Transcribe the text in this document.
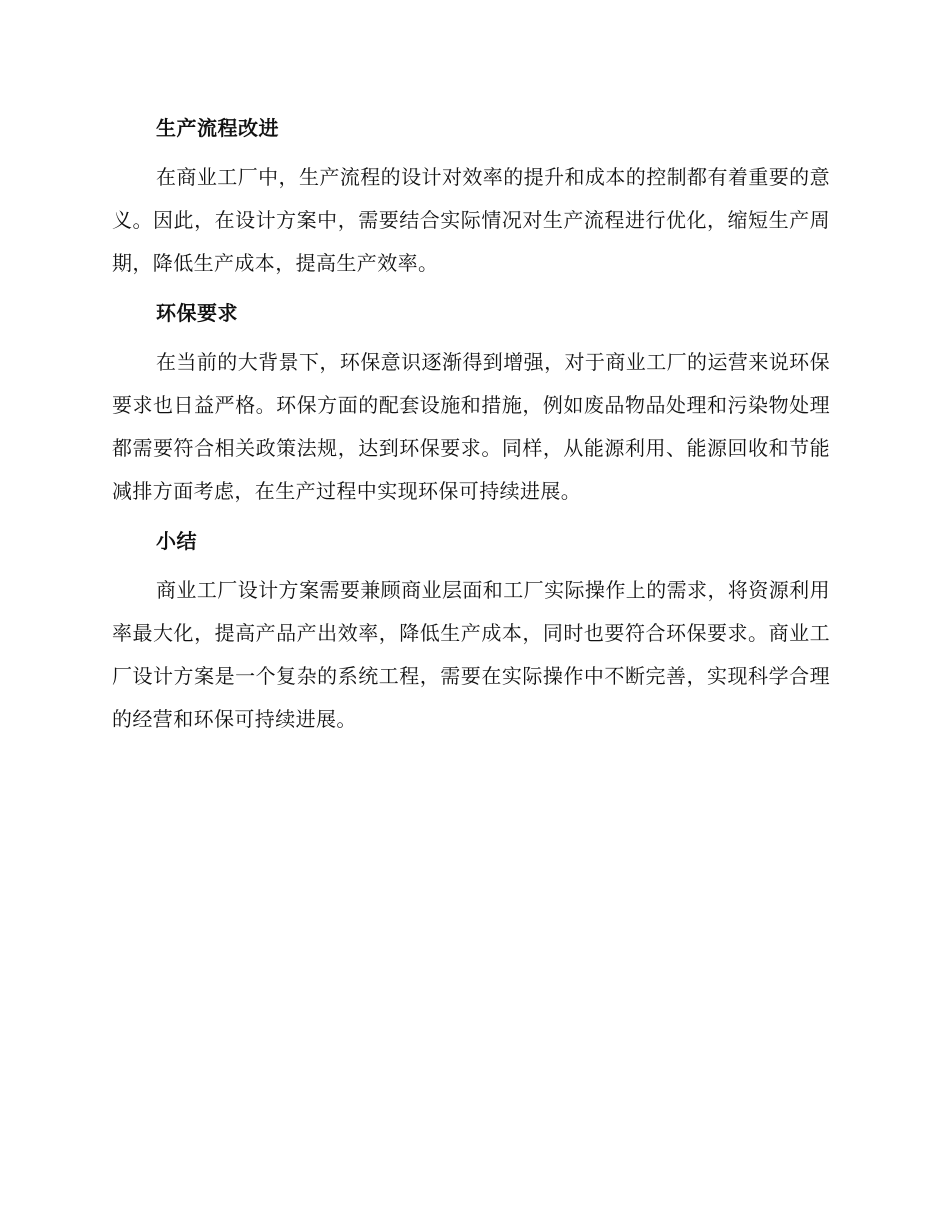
生产流程改进

在商业工厂中，生产流程的设计对效率的提升和成本的控制都有着重要的意义。因此，在设计方案中，需要结合实际情况对生产流程进行优化，缩短生产周期，降低生产成本，提高生产效率。

环保要求

在当前的大背景下，环保意识逐渐得到增强，对于商业工厂的运营来说环保要求也日益严格。环保方面的配套设施和措施，例如废品物品处理和污染物处理都需要符合相关政策法规，达到环保要求。同样，从能源利用、能源回收和节能减排方面考虑，在生产过程中实现环保可持续进展。

小结

商业工厂设计方案需要兼顾商业层面和工厂实际操作上的需求，将资源利用率最大化，提高产品产出效率，降低生产成本，同时也要符合环保要求。商业工厂设计方案是一个复杂的系统工程，需要在实际操作中不断完善，实现科学合理的经营和环保可持续进展。
